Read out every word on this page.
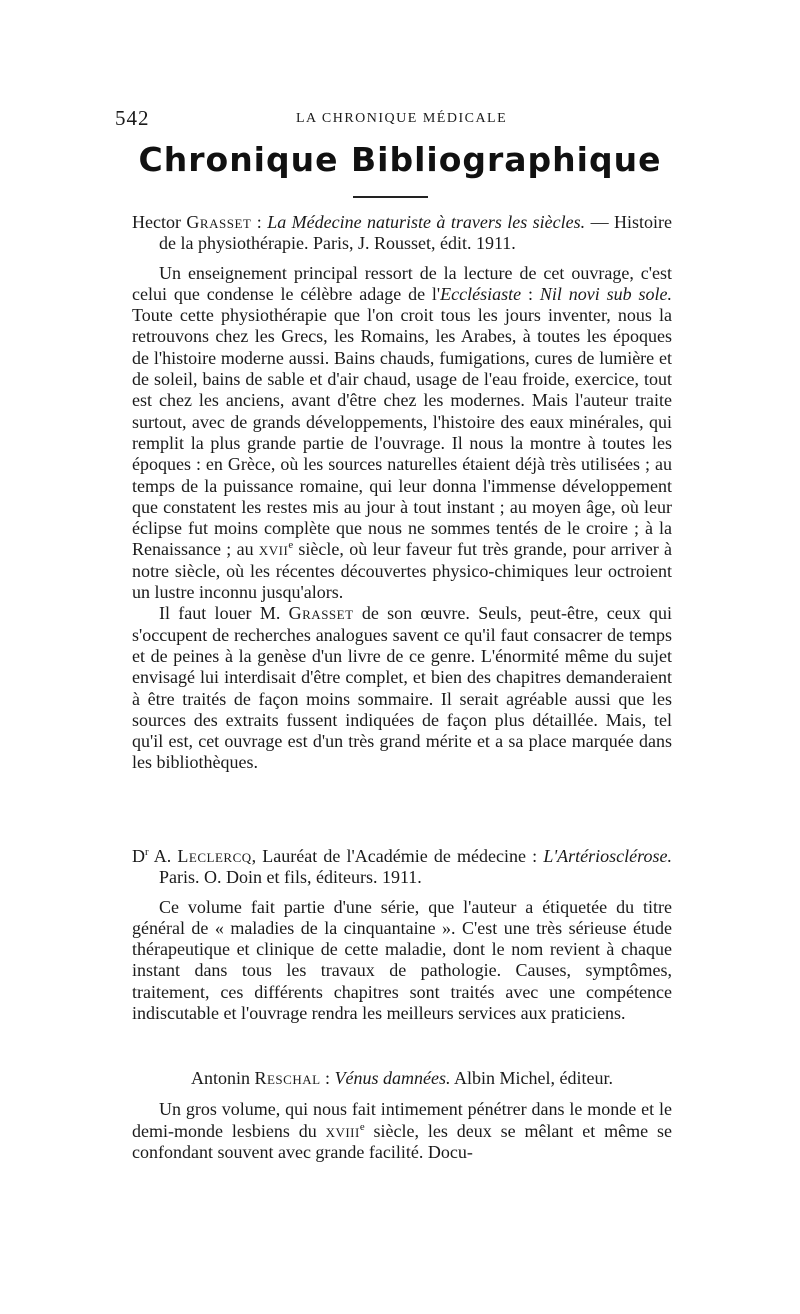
542	LA CHRONIQUE MÉDICALE
Chronique Bibliographique

Hector Grasset : La Médecine naturiste à travers les siècles. — Histoire de la physiothérapie. Paris, J. Rousset, édit. 1911.

Un enseignement principal ressort de la lecture de cet ouvrage, c'est celui que condense le célèbre adage de l'Ecclésiaste : Nil novi sub sole. Toute cette physiothérapie que l'on croit tous les jours inventer, nous la retrouvons chez les Grecs, les Romains, les Arabes, à toutes les époques de l'histoire moderne aussi. Bains chauds, fumigations, cures de lumière et de soleil, bains de sable et d'air chaud, usage de l'eau froide, exercice, tout est chez les anciens, avant d'être chez les modernes. Mais l'auteur traite surtout, avec de grands développements, l'histoire des eaux minérales, qui remplit la plus grande partie de l'ouvrage. Il nous la montre à toutes les époques : en Grèce, où les sources naturelles étaient déjà très utilisées ; au temps de la puissance romaine, qui leur donna l'immense développement que constatent les restes mis au jour à tout instant ; au moyen âge, où leur éclipse fut moins complète que nous ne sommes tentés de le croire ; à la Renaissance ; au xvii$^e$ siècle, où leur faveur fut très grande, pour arriver à notre siècle, où les récentes découvertes physico-chimiques leur octroient un lustre inconnu jusqu'alors.

Il faut louer M. Grasset de son œuvre. Seuls, peut-être, ceux qui s'occupent de recherches analogues savent ce qu'il faut consacrer de temps et de peines à la genèse d'un livre de ce genre. L'énormité même du sujet envisagé lui interdisait d'être complet, et bien des chapitres demanderaient à être traités de façon moins sommaire. Il serait agréable aussi que les sources des extraits fussent indiquées de façon plus détaillée. Mais, tel qu'il est, cet ouvrage est d'un très grand mérite et a sa place marquée dans les bibliothèques.

$D^r$ A. Leclercq, Lauréat de l'Académie de médecine : L'Artériosclérose. Paris. O. Doin et fils, éditeurs. 1911.

Ce volume fait partie d'une série, que l'auteur a étiquetée du titre général de « maladies de la cinquantaine ». C'est une très sérieuse étude thérapeutique et clinique de cette maladie, dont le nom revient à chaque instant dans tous les travaux de pathologie. Causes, symptômes, traitement, ces différents chapitres sont traités avec une compétence indiscutable et l'ouvrage rendra les meilleurs services aux praticiens.

Antonin Reschal : Vénus damnées. Albin Michel, éditeur.

Un gros volume, qui nous fait intimement pénétrer dans le monde et le demi-monde lesbiens du xviii$^e$ siècle, les deux se mêlant et même se confondant souvent avec grande facilité. Docu-
